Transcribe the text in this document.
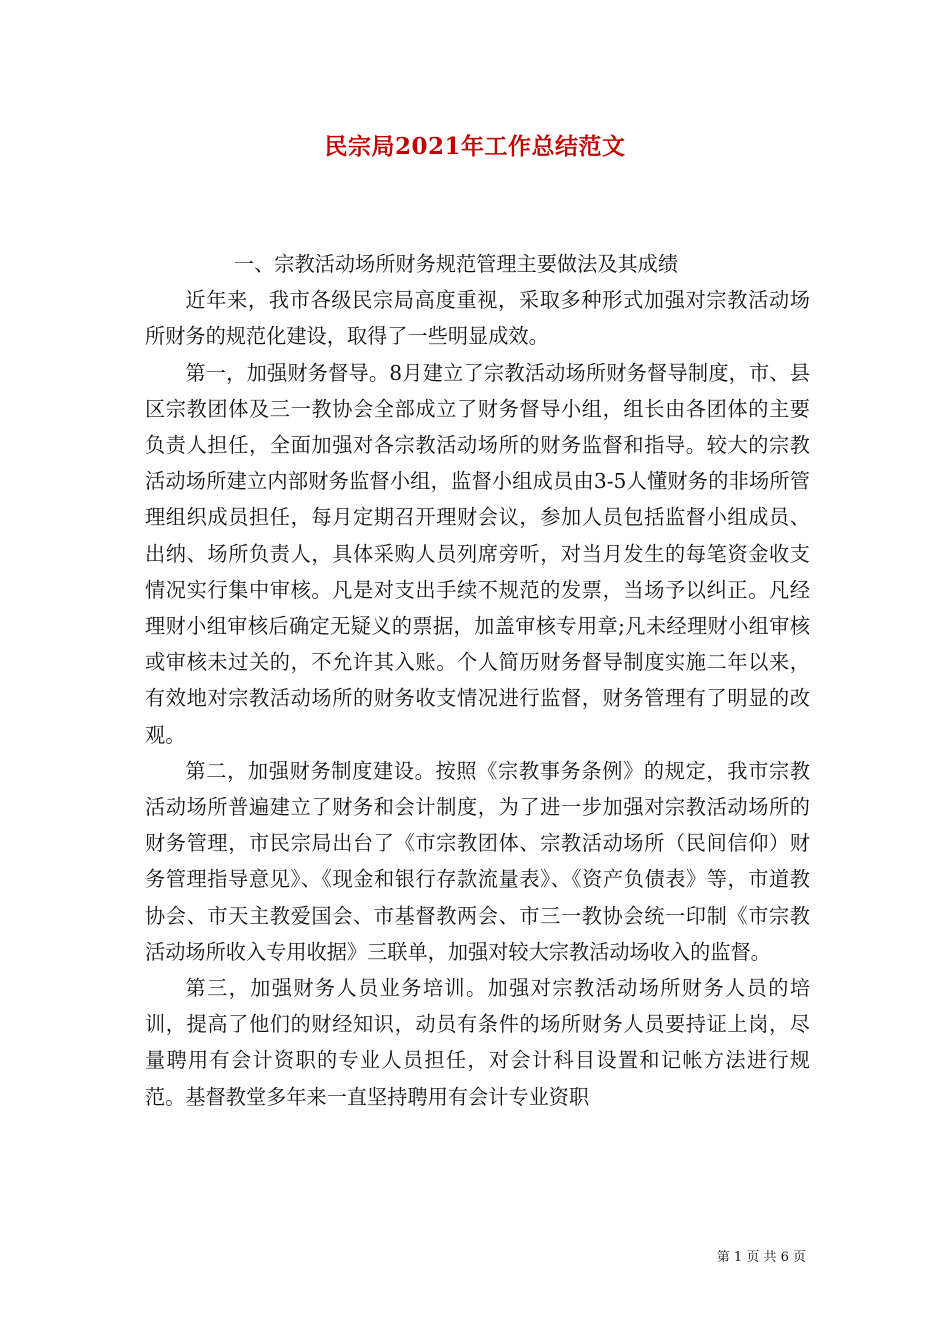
民宗局2021年工作总结范文

一、宗教活动场所财务规范管理主要做法及其成绩

近年来，我市各级民宗局高度重视，采取多种形式加强对宗教活动场所财务的规范化建设，取得了一些明显成效。

第一，加强财务督导。8月建立了宗教活动场所财务督导制度，市、县区宗教团体及三一教协会全部成立了财务督导小组，组长由各团体的主要负责人担任，全面加强对各宗教活动场所的财务监督和指导。较大的宗教活动场所建立内部财务监督小组，监督小组成员由3-5人懂财务的非场所管理组织成员担任，每月定期召开理财会议，参加人员包括监督小组成员、出纳、场所负责人，具体采购人员列席旁听，对当月发生的每笔资金收支情况实行集中审核。凡是对支出手续不规范的发票，当场予以纠正。凡经理财小组审核后确定无疑义的票据，加盖审核专用章;凡未经理财小组审核或审核未过关的，不允许其入账。个人简历财务督导制度实施二年以来，有效地对宗教活动场所的财务收支情况进行监督，财务管理有了明显的改观。

第二，加强财务制度建设。按照《宗教事务条例》的规定，我市宗教活动场所普遍建立了财务和会计制度，为了进一步加强对宗教活动场所的财务管理，市民宗局出台了《市宗教团体、宗教活动场所（民间信仰）财务管理指导意见》、《现金和银行存款流量表》、《资产负债表》等，市道教协会、市天主教爱国会、市基督教两会、市三一教协会统一印制《市宗教活动场所收入专用收据》三联单，加强对较大宗教活动场收入的监督。

第三，加强财务人员业务培训。加强对宗教活动场所财务人员的培训，提高了他们的财经知识，动员有条件的场所财务人员要持证上岗，尽量聘用有会计资职的专业人员担任，对会计科目设置和记帐方法进行规范。基督教堂多年来一直坚持聘用有会计专业资职

第 1 页 共 6 页
